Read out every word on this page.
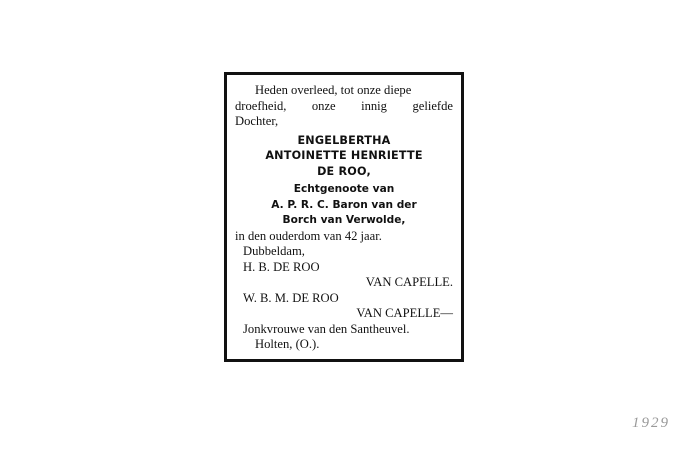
Heden overleed, tot onze diepe
droefheid, onze innig geliefde
Dochter,
ENGELBERTHA
ANTOINETTE HENRIETTE
DE ROO,
Echtgenoote van
A. P. R. C. Baron van der
Borch van Verwolde,
in den ouderdom van 42 jaar.
Dubbeldam,
H. B. DE ROO
VAN CAPELLE.
W. B. M. DE ROO
VAN CAPELLE—
Jonkvrouwe van den Santheuvel.
Holten, (O.).
1929
